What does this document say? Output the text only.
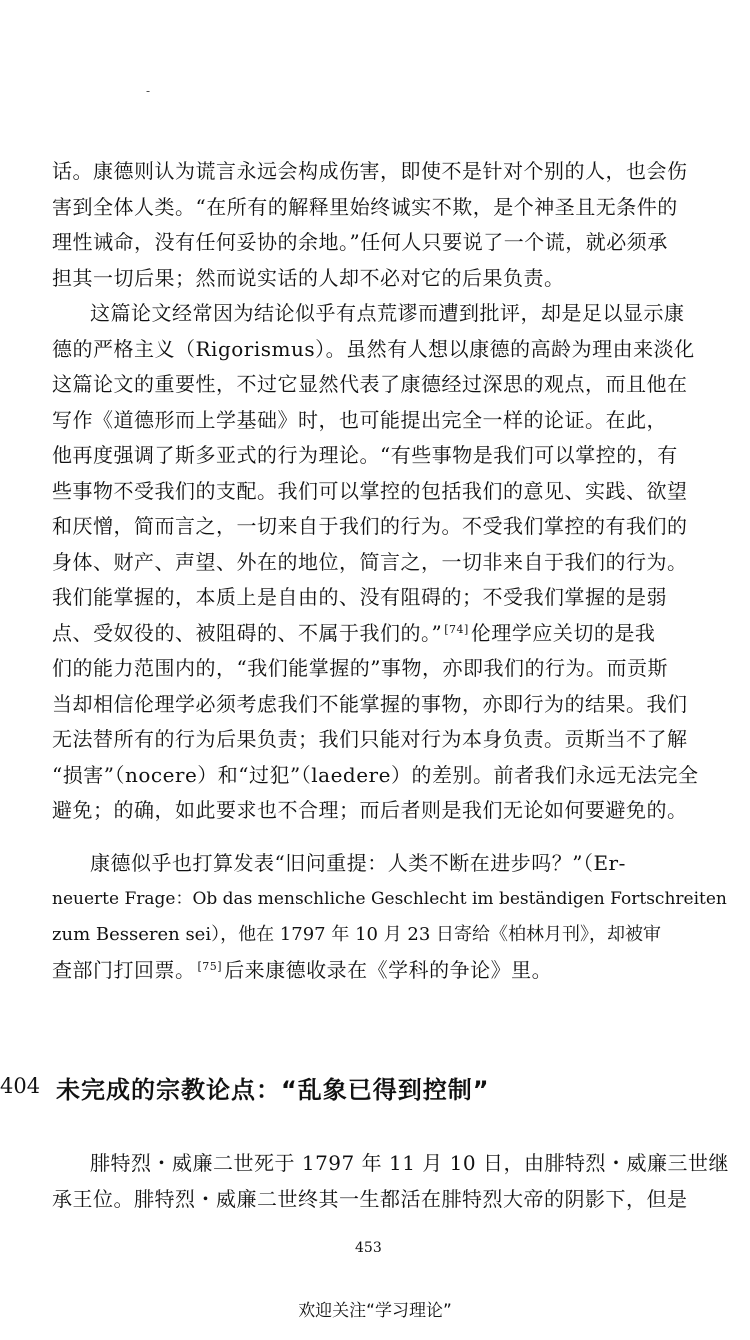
-
话。康德则认为谎言永远会构成伤害，即使不是针对个别的人，也会伤
害到全体人类。“在所有的解释里始终诚实不欺，是个神圣且无条件的
理性诫命，没有任何妥协的余地。”任何人只要说了一个谎，就必须承
担其一切后果；然而说实话的人却不必对它的后果负责。
这篇论文经常因为结论似乎有点荒谬而遭到批评，却是足以显示康
德的严格主义（Rigorismus）。虽然有人想以康德的高龄为理由来淡化
这篇论文的重要性，不过它显然代表了康德经过深思的观点，而且他在
写作《道德形而上学基础》时，也可能提出完全一样的论证。在此，
他再度强调了斯多亚式的行为理论。“有些事物是我们可以掌控的，有
些事物不受我们的支配。我们可以掌控的包括我们的意见、实践、欲望
和厌憎，简而言之，一切来自于我们的行为。不受我们掌控的有我们的
身体、财产、声望、外在的地位，简言之，一切非来自于我们的行为。
我们能掌握的，本质上是自由的、没有阻碍的；不受我们掌握的是弱
点、受奴役的、被阻碍的、不属于我们的。” [74] 伦理学应关切的是我
们的能力范围内的，“我们能掌握的”事物，亦即我们的行为。而贡斯
当却相信伦理学必须考虑我们不能掌握的事物，亦即行为的结果。我们
无法替所有的行为后果负责；我们只能对行为本身负责。贡斯当不了解
“损害”（nocere）和“过犯”（laedere）的差别。前者我们永远无法完全
避免；的确，如此要求也不合理；而后者则是我们无论如何要避免的。
康德似乎也打算发表“旧问重提：人类不断在进步吗？”（Er-
neuerte Frage：Ob das menschliche Geschlecht im beständigen Fortschreiten
zum Besseren sei），他在 1797 年 10 月 23 日寄给《柏林月刊》，却被审
查部门打回票。 [75] 后来康德收录在《学科的争论》里。
404 未完成的宗教论点：“乱象已得到控制”
腓特烈・威廉二世死于 1797 年 11 月 10 日，由腓特烈・威廉三世继
承王位。腓特烈・威廉二世终其一生都活在腓特烈大帝的阴影下，但是
453
欢迎关注“学习理论”
